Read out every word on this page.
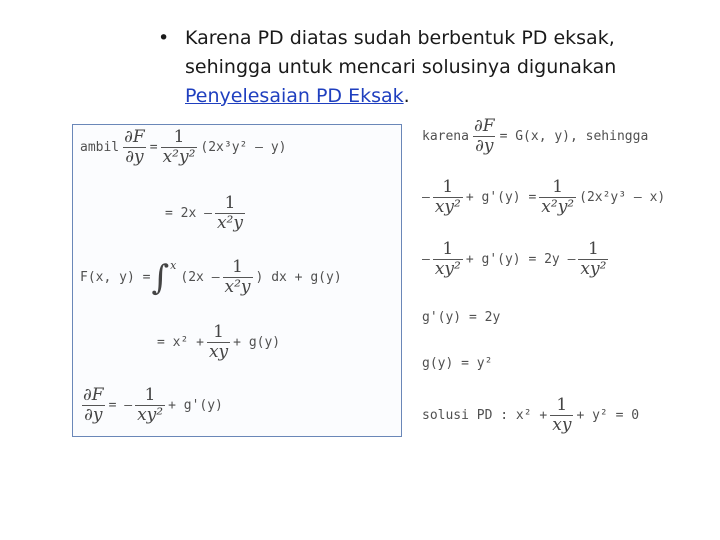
• Karena PD diatas sudah berbentuk PD eksak, sehingga untuk mencari solusinya digunakan Penyelesaian PD Eksak.
ambil $\frac{\partial F}{\partial y} = \frac{1}{\text{x²y²}} (2x^3y^2 - y)$
= $2x - \frac{1}{\text{x²y}}$
F(x, y) = ∫ x
($2x - \frac{1}{\text{x²y}}$ ) dx + g(y)
= $x^2 + \frac{1}{xy} + g(y)$
$\frac{\partial F}{\partial y}$ = – $\frac{1}{\text{xy²}} + g'(y)$
karena $\frac{\partial F}{\partial y} = G(x$, y), sehingga
— $\frac{1}{\text{xy²}} + g'(y) = \frac{1}{\text{x²y²}} (2x^2y^3 - x)$
— $\frac{1}{\text{xy²}} + g'(y) = 2y - \frac{1}{\text{xy²}}$
g'(y) = 2y
g(y) = y²
solusi PD : $x^2 + \frac{1}{xy} + y^2 = 0$
